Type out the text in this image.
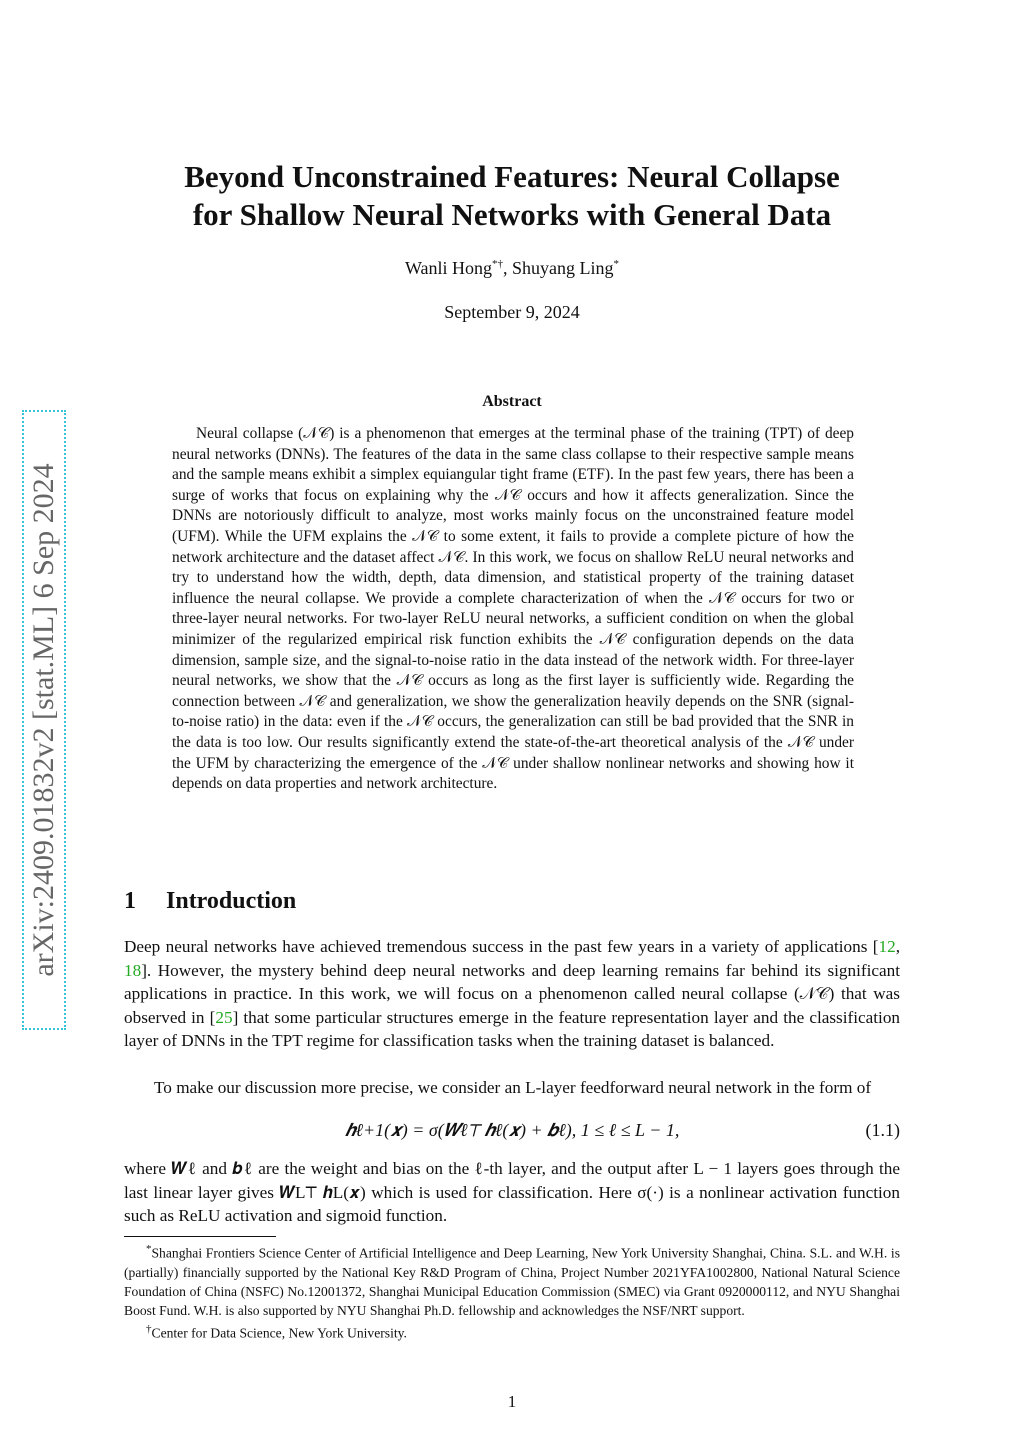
arXiv:2409.01832v2 [stat.ML] 6 Sep 2024
Beyond Unconstrained Features: Neural Collapse
for Shallow Neural Networks with General Data
Wanli Hong*†, Shuyang Ling*
September 9, 2024
Abstract

Neural collapse (𝒩𝒞) is a phenomenon that emerges at the terminal phase of the training (TPT) of deep neural networks (DNNs). The features of the data in the same class collapse to their respective sample means and the sample means exhibit a simplex equiangular tight frame (ETF). In the past few years, there has been a surge of works that focus on explaining why the 𝒩𝒞 occurs and how it affects generalization. Since the DNNs are notoriously difficult to analyze, most works mainly focus on the unconstrained feature model (UFM). While the UFM explains the 𝒩𝒞 to some extent, it fails to provide a complete picture of how the network architecture and the dataset affect 𝒩𝒞. In this work, we focus on shallow ReLU neural networks and try to understand how the width, depth, data dimension, and statistical property of the training dataset influence the neural collapse. We provide a complete characterization of when the 𝒩𝒞 occurs for two or three-layer neural networks. For two-layer ReLU neural networks, a sufficient condition on when the global minimizer of the regularized empirical risk function exhibits the 𝒩𝒞 configuration depends on the data dimension, sample size, and the signal-to-noise ratio in the data instead of the network width. For three-layer neural networks, we show that the 𝒩𝒞 occurs as long as the first layer is sufficiently wide. Regarding the connection between 𝒩𝒞 and generalization, we show the generalization heavily depends on the SNR (signal-to-noise ratio) in the data: even if the 𝒩𝒞 occurs, the generalization can still be bad provided that the SNR in the data is too low. Our results significantly extend the state-of-the-art theoretical analysis of the 𝒩𝒞 under the UFM by characterizing the emergence of the 𝒩𝒞 under shallow nonlinear networks and showing how it depends on data properties and network architecture.

1 Introduction

Deep neural networks have achieved tremendous success in the past few years in a variety of applications [12, 18]. However, the mystery behind deep neural networks and deep learning remains far behind its significant applications in practice. In this work, we will focus on a phenomenon called neural collapse (𝒩𝒞) that was observed in [25] that some particular structures emerge in the feature representation layer and the classification layer of DNNs in the TPT regime for classification tasks when the training dataset is balanced.

To make our discussion more precise, we consider an L-layer feedforward neural network in the form of

𝒉ℓ+1(𝒙) = σ(𝑾ℓ⊤ 𝒉ℓ(𝒙) + 𝒃ℓ), 1 ≤ ℓ ≤ L − 1,	(1.1)

where 𝑾ℓ and 𝒃ℓ are the weight and bias on the ℓ-th layer, and the output after L − 1 layers goes through the last linear layer gives 𝑾L⊤ 𝒉L(𝒙) which is used for classification. Here σ(·) is a nonlinear activation function such as ReLU activation and sigmoid function.

*Shanghai Frontiers Science Center of Artificial Intelligence and Deep Learning, New York University Shanghai, China. S.L. and W.H. is (partially) financially supported by the National Key R&D Program of China, Project Number 2021YFA1002800, National Natural Science Foundation of China (NSFC) No.12001372, Shanghai Municipal Education Commission (SMEC) via Grant 0920000112, and NYU Shanghai Boost Fund. W.H. is also supported by NYU Shanghai Ph.D. fellowship and acknowledges the NSF/NRT support.

†Center for Data Science, New York University.

1
